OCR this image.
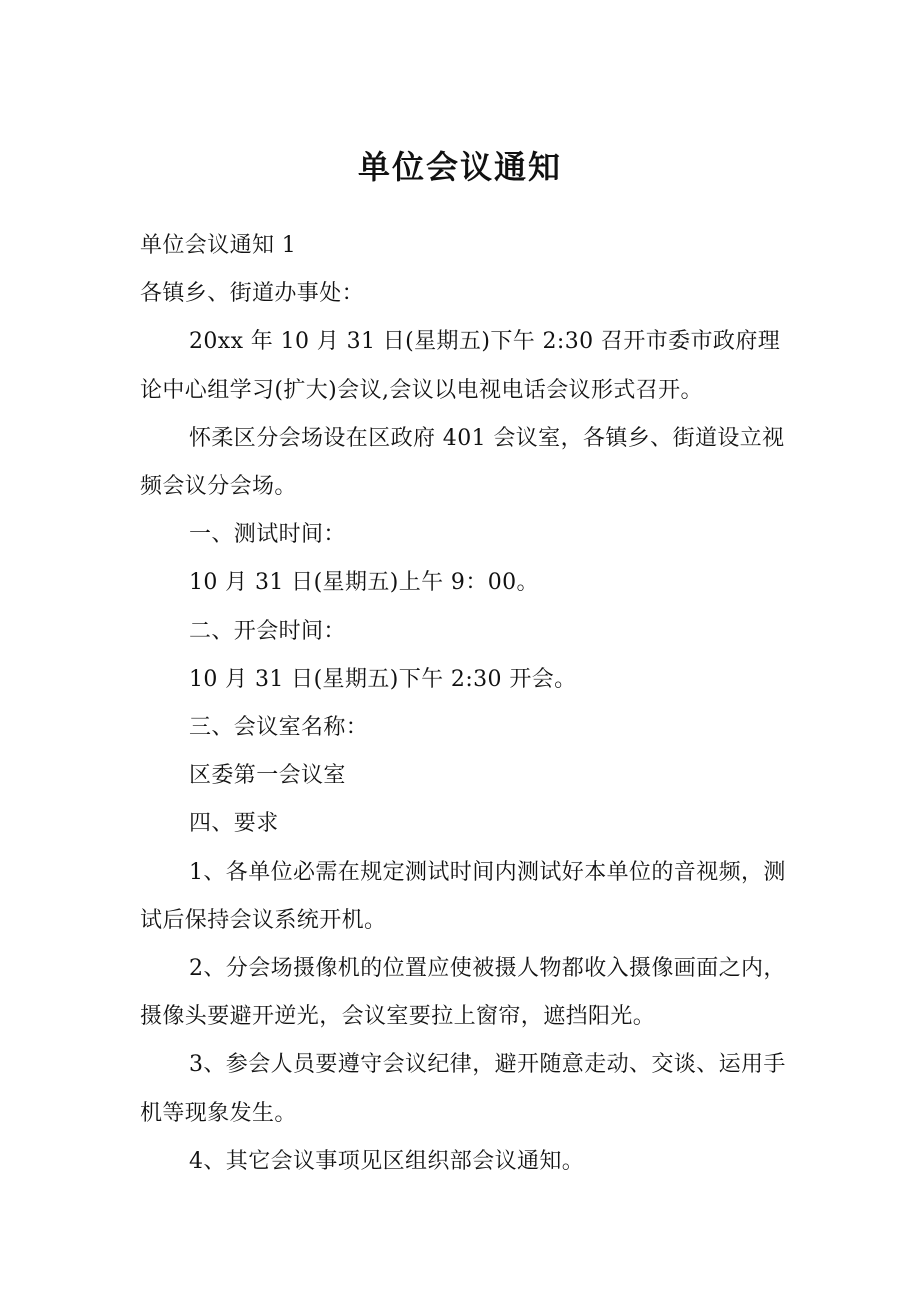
单位会议通知

单位会议通知 1

各镇乡、街道办事处：

20xx 年 10 月 31 日(星期五)下午 2:30 召开市委市政府理论中心组学习(扩大)会议,会议以电视电话会议形式召开。

怀柔区分会场设在区政府 401 会议室，各镇乡、街道设立视频会议分会场。

一、测试时间：

10 月 31 日(星期五)上午 9：00。

二、开会时间：

10 月 31 日(星期五)下午 2:30 开会。

三、会议室名称：

区委第一会议室

四、要求

1、各单位必需在规定测试时间内测试好本单位的音视频，测试后保持会议系统开机。

2、分会场摄像机的位置应使被摄人物都收入摄像画面之内，摄像头要避开逆光，会议室要拉上窗帘，遮挡阳光。

3、参会人员要遵守会议纪律，避开随意走动、交谈、运用手机等现象发生。

4、其它会议事项见区组织部会议通知。
